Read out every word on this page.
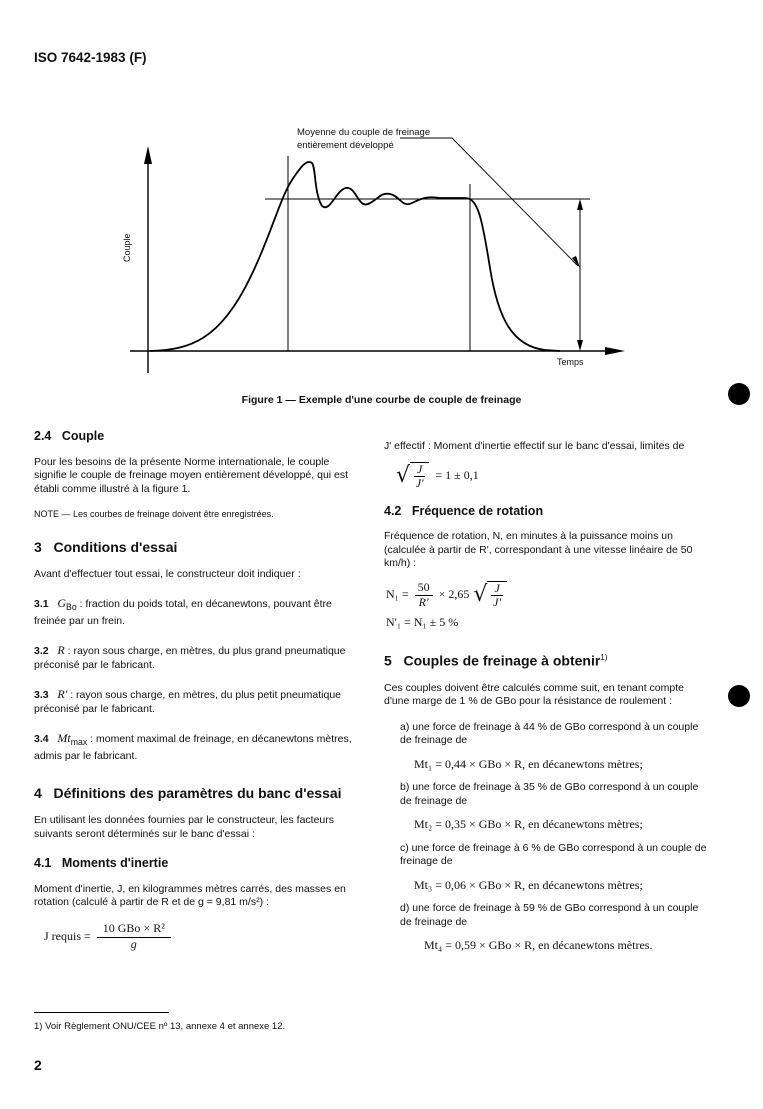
ISO 7642-1983 (F)
Moyenne du couple de freinage
entièrement développé
Couple
Temps
Figure 1 — Exemple d'une courbe de couple de freinage
2.4 Couple

Pour les besoins de la présente Norme internationale, le couple signifie le couple de freinage moyen entièrement développé, qui est établi comme illustré à la figure 1.

NOTE — Les courbes de freinage doivent être enregistrées.

3 Conditions d'essai

Avant d'effectuer tout essai, le constructeur doit indiquer :

3.1 $G_{Bo}$ : fraction du poids total, en décanewtons, pouvant être freinée par un frein.

3.2 R : rayon sous charge, en mètres, du plus grand pneumatique préconisé par le fabricant.

3.3 R' : rayon sous charge, en mètres, du plus petit pneumatique préconisé par le fabricant.

3.4 $Mt_{max}$ : moment maximal de freinage, en décanewtons mètres, admis par le fabricant.

4 Définitions des paramètres du banc d'essai

En utilisant les données fournies par le constructeur, les facteurs suivants seront déterminés sur le banc d'essai :

4.1 Moments d'inertie

Moment d'inertie, J, en kilogrammes mètres carrés, des masses en rotation (calculé à partir de R et de g = 9,81 m/s²) :

J requis =
10 GBo × R²
g

J' effectif : Moment d'inertie effectif sur le banc d'essai, limites de

√ $\frac{J}{J'} = 1 \pm 0,1$
4.2 Fréquence de rotation

Fréquence de rotation, N, en minutes à la puissance moins un (calculée à partir de R', correspondant à une vitesse linéaire de 50 km/h) :

$N_1 = \frac{50}{R'} \times 2,65$ √ J
J'

N'₁ = N₁ ± 5 %

5 Couples de freinage à obtenir$^{1)}$

Ces couples doivent être calculés comme suit, en tenant compte d'une marge de 1 % de GBo pour la résistance de roulement :

a) une force de freinage à 44 % de GBo correspond à un couple de freinage de

Mt₁ = 0,44 × GBo × R, en décanewtons mètres;

b) une force de freinage à 35 % de GBo correspond à un couple de freinage de

Mt₂ = 0,35 × GBo × R, en décanewtons mètres;

c) une force de freinage à 6 % de GBo correspond à un couple de freinage de

Mt₃ = 0,06 × GBo × R, en décanewtons mètres;

d) une force de freinage à 59 % de GBo correspond à un couple de freinage de

Mt₄ = 0,59 × GBo × R, en décanewtons mètres.

1) Voir Règlement ONU/CEE nº 13, annexe 4 et annexe 12.
2
